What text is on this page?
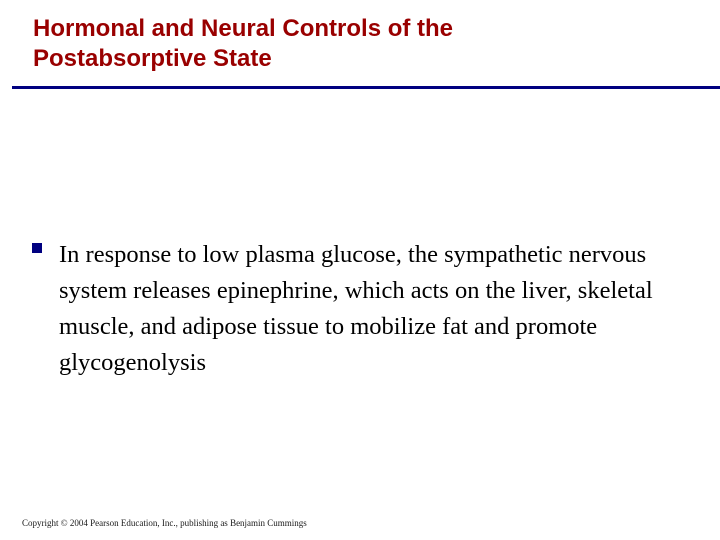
Hormonal and Neural Controls of the
Postabsorptive State

In response to low plasma glucose, the sympathetic nervous system releases epinephrine, which acts on the liver, skeletal muscle, and adipose tissue to mobilize fat and promote glycogenolysis

Copyright © 2004 Pearson Education, Inc., publishing as Benjamin Cummings
